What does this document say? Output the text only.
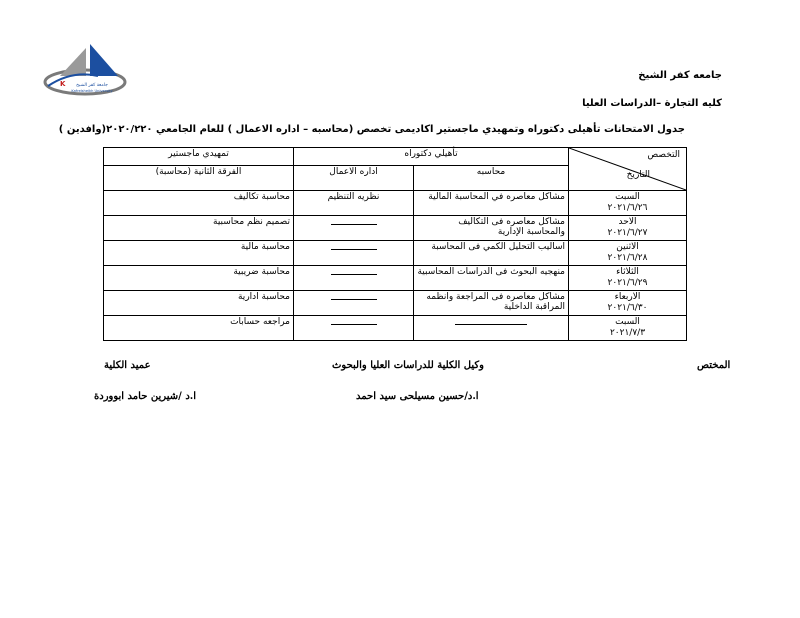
K جامعة كفر الشيخ
Kafrelsheikh University
جامعه كفر الشيخ
كليه التجارة –الدراسات العليا
جدول الامتحانات تأهيلى دكتوراه وتمهيدي ماجستير اكاديمى تخصص (محاسبه – اداره الاعمال ) للعام الجامعي ٢٠٢٠/٢٢٠(وافدين )
التخصص
التاريخ	تأهيلي دكتوراه		تمهيدي ماجستير
	محاسبه	اداره الاعمال	الفرقة الثانية (محاسبة)
السبت
٢٠٢١/٦/٢٦	مشاكل معاصره في المحاسبة المالية	نظريه التنظيم	محاسبة تكاليف
الاحد
٢٠٢١/٦/٢٧	مشاكل معاصره فى التكاليف والمحاسبة الإدارية		تصميم نظم محاسبية
الاثنين
٢٠٢١/٦/٢٨	اساليب التحليل الكمي فى المحاسبة		محاسبة مالية
الثلاثاء
٢٠٢١/٦/٢٩	منهجيه البحوث فى الدراسات المحاسبية		محاسبة ضريبية
الاربعاء
٢٠٢١/٦/٣٠	مشاكل معاصره فى المراجعة وانظمه المراقبة الداخلية		محاسبة ادارية
السبت
٢٠٢١/٧/٣			مراجعه حسابات
المختص
وكيل الكلية للدراسات العليا والبحوث
عميد الكلية
ا.د/حسين مسيلحى سيد احمد
ا.د /شيرين حامد ابووردة
